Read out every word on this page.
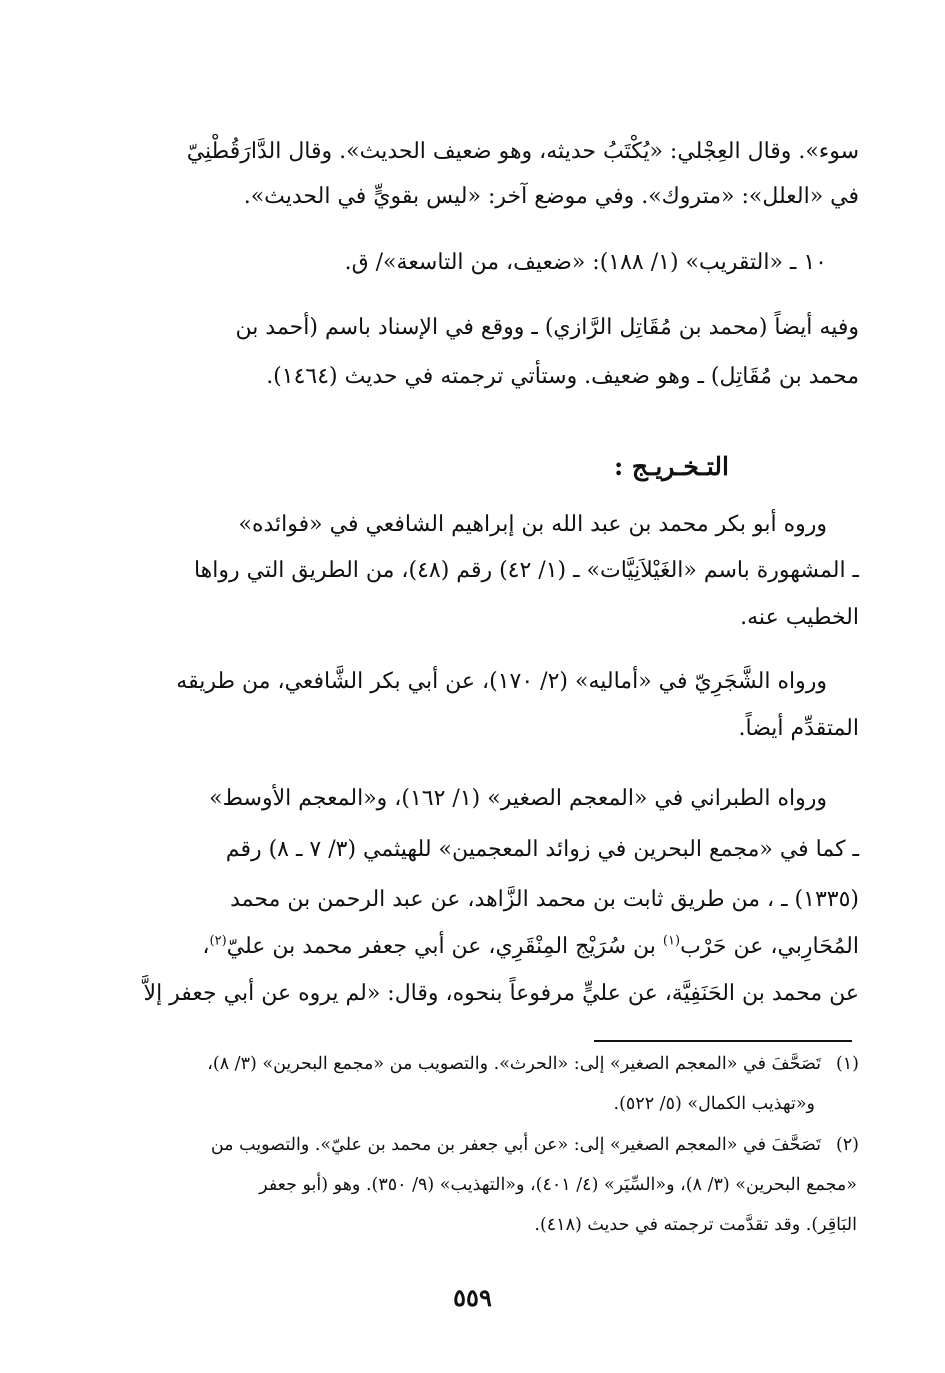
سوء». وقال العِجْلي: «يُكْتَبُ حديثه، وهو ضعيف الحديث». وقال الدَّارَقُطْنِيّ
في «العلل»: «متروك». وفي موضع آخر: «ليس بقويٍّ في الحديث».
١٠ ـ «التقريب» (١/ ١٨٨): «ضعيف، من التاسعة»/ ق.
وفيه أيضاً (محمد بن مُقَاتِل الرَّازي) ـ ووقع في الإسناد باسم (أحمد بن
محمد بن مُقَاتِل) ـ وهو ضعيف. وستأتي ترجمته في حديث (١٤٦٤).
التـخـريـج :
وروه أبو بكر محمد بن عبد الله بن إبراهيم الشافعي في «فوائده»
ـ المشهورة باسم «الغَيْلاَنِيَّات» ـ (١/ ٤٢) رقم (٤٨)، من الطريق التي رواها
الخطيب عنه.
ورواه الشَّجَرِيّ في «أماليه» (٢/ ١٧٠)، عن أبي بكر الشَّافعي، من طريقه
المتقدِّم أيضاً.
ورواه الطبراني في «المعجم الصغير» (١/ ١٦٢)، و«المعجم الأوسط»
ـ كما في «مجمع البحرين في زوائد المعجمين» للهيثمي (٣/ ٧ ـ ٨) رقم
(١٣٣٥) ـ ، من طريق ثابت بن محمد الزَّاهد، عن عبد الرحمن بن محمد
المُحَارِبي، عن حَرْب$^{(١)}$ بن سُرَيْج المِنْقَرِي، عن أبي جعفر محمد بن عليّ$^{(٢)}$،
عن محمد بن الحَنَفِيَّة، عن عليٍّ مرفوعاً بنحوه، وقال: «لم يروه عن أبي جعفر إلاَّ
(١)تَصَحَّفَ في «المعجم الصغير» إلى: «الحرث». والتصويب من «مجمع البحرين» (٣/ ٨)،
و«تهذيب الكمال» (٥/ ٥٢٢).
(٢)تَصَحَّفَ في «المعجم الصغير» إلى: «عن أبي جعفر بن محمد بن عليّ». والتصويب من
«مجمع البحرين» (٣/ ٨)، و«السِّيَر» (٤/ ٤٠١)، و«التهذيب» (٩/ ٣٥٠). وهو (أبو جعفر
البَاقِر). وقد تقدَّمت ترجمته في حديث (٤١٨).
٥٥٩
